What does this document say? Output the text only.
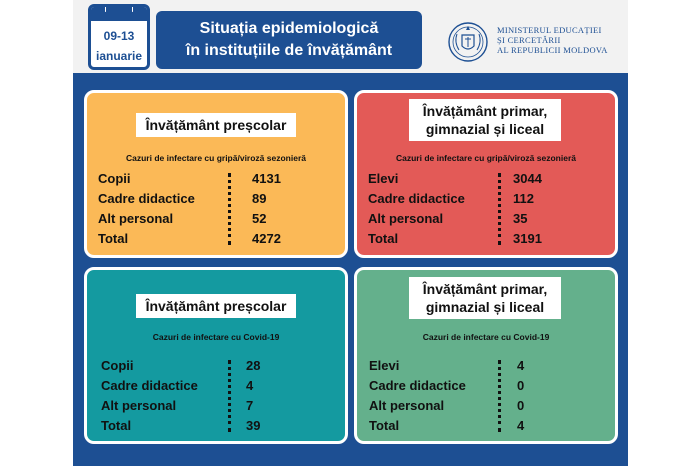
09-13
ianuarie
Situația epidemiologică
în instituțiile de învățământ
MINISTERUL EDUCAȚIEI
ȘI CERCETĂRII
AL REPUBLICII MOLDOVA
Învățământ preșcolar
Cazuri de infectare cu gripă/viroză sezonieră
Copii	4131
Cadre didactice	89
Alt personal	52
Total	4272
Învățământ primar,
gimnazial și liceal
Cazuri de infectare cu gripă/viroză sezonieră
Elevi	3044
Cadre didactice	112
Alt personal	35
Total	3191
Învățământ preșcolar
Cazuri de infectare cu Covid-19
Copii	28
Cadre didactice	4
Alt personal	7
Total	39
Învățământ primar,
gimnazial și liceal
Cazuri de infectare cu Covid-19
Elevi	4
Cadre didactice	0
Alt personal	0
Total	4
